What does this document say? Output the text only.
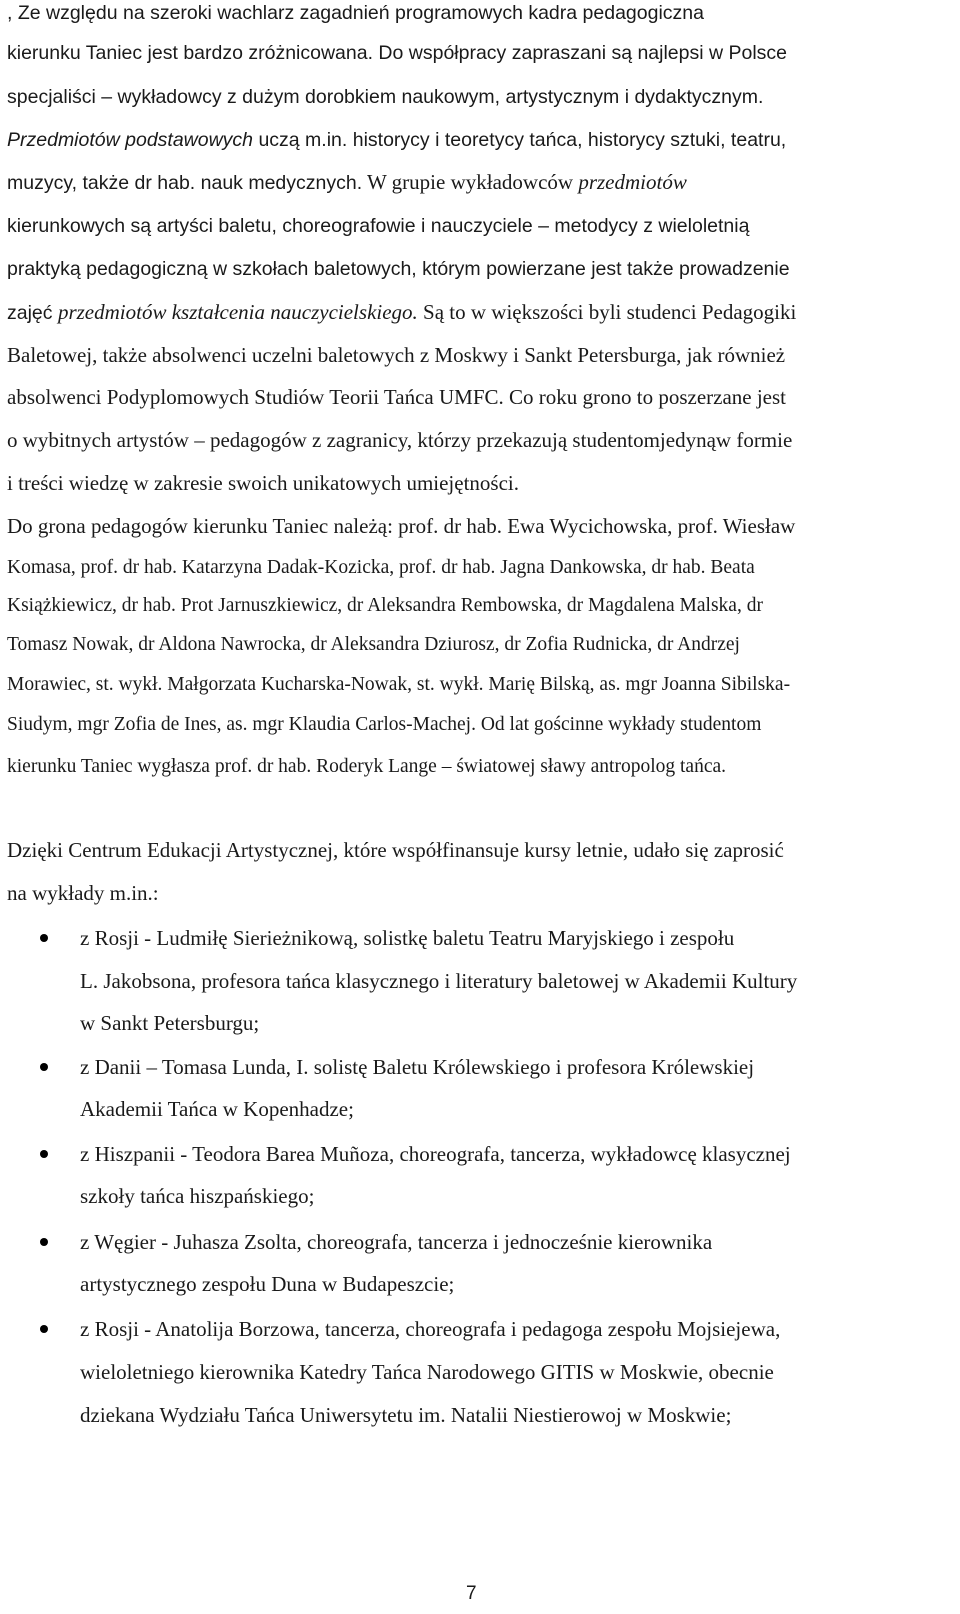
, Ze względu na szeroki wachlarz zagadnień programowych kadra pedagogiczna
kierunku Taniec jest bardzo zróżnicowana. Do współpracy zapraszani są najlepsi w Polsce
specjaliści – wykładowcy z dużym dorobkiem naukowym, artystycznym i dydaktycznym.
Przedmiotów podstawowych uczą m.in. historycy i teoretycy tańca, historycy sztuki, teatru,
muzycy, także dr hab. nauk medycznych. W grupie wykładowców przedmiotów
kierunkowych są artyści baletu, choreografowie i nauczyciele – metodycy z wieloletnią
praktyką pedagogiczną w szkołach baletowych, którym powierzane jest także prowadzenie
zajęć przedmiotów kształcenia nauczycielskiego. Są to w większości byli studenci Pedagogiki
Baletowej, także absolwenci uczelni baletowych z Moskwy i Sankt Petersburga, jak również
absolwenci Podyplomowych Studiów Teorii Tańca UMFC. Co roku grono to poszerzane jest
o wybitnych artystów – pedagogów z zagranicy, którzy przekazują studentomjedynąw formie
i treści wiedzę w zakresie swoich unikatowych umiejętności.
Do grona pedagogów kierunku Taniec należą: prof. dr hab. Ewa Wycichowska, prof. Wiesław
Komasa, prof. dr hab. Katarzyna Dadak-Kozicka, prof. dr hab. Jagna Dankowska, dr hab. Beata
Książkiewicz, dr hab. Prot Jarnuszkiewicz, dr Aleksandra Rembowska, dr Magdalena Malska, dr
Tomasz Nowak, dr Aldona Nawrocka, dr Aleksandra Dziurosz, dr Zofia Rudnicka, dr Andrzej
Morawiec, st. wykł. Małgorzata Kucharska-Nowak, st. wykł. Marię Bilską, as. mgr Joanna Sibilska-
Siudym, mgr Zofia de Ines, as. mgr Klaudia Carlos-Machej. Od lat gościnne wykłady studentom
kierunku Taniec wygłasza prof. dr hab. Roderyk Lange – światowej sławy antropolog tańca.
Dzięki Centrum Edukacji Artystycznej, które współfinansuje kursy letnie, udało się zaprosić
na wykłady m.in.:
z Rosji - Ludmiłę Sierieżnikową, solistkę baletu Teatru Maryjskiego i zespołu
L. Jakobsona, profesora tańca klasycznego i literatury baletowej w Akademii Kultury
w Sankt Petersburgu;
z Danii – Tomasa Lunda, I. solistę Baletu Królewskiego i profesora Królewskiej
Akademii Tańca w Kopenhadze;
z Hiszpanii - Teodora Barea Muñoza, choreografa, tancerza, wykładowcę klasycznej
szkoły tańca hiszpańskiego;
z Węgier - Juhasza Zsolta, choreografa, tancerza i jednocześnie kierownika
artystycznego zespołu Duna w Budapeszcie;
z Rosji - Anatolija Borzowa, tancerza, choreografa i pedagoga zespołu Mojsiejewa,
wieloletniego kierownika Katedry Tańca Narodowego GITIS w Moskwie, obecnie
dziekana Wydziału Tańca Uniwersytetu im. Natalii Niestierowoj w Moskwie;
7
